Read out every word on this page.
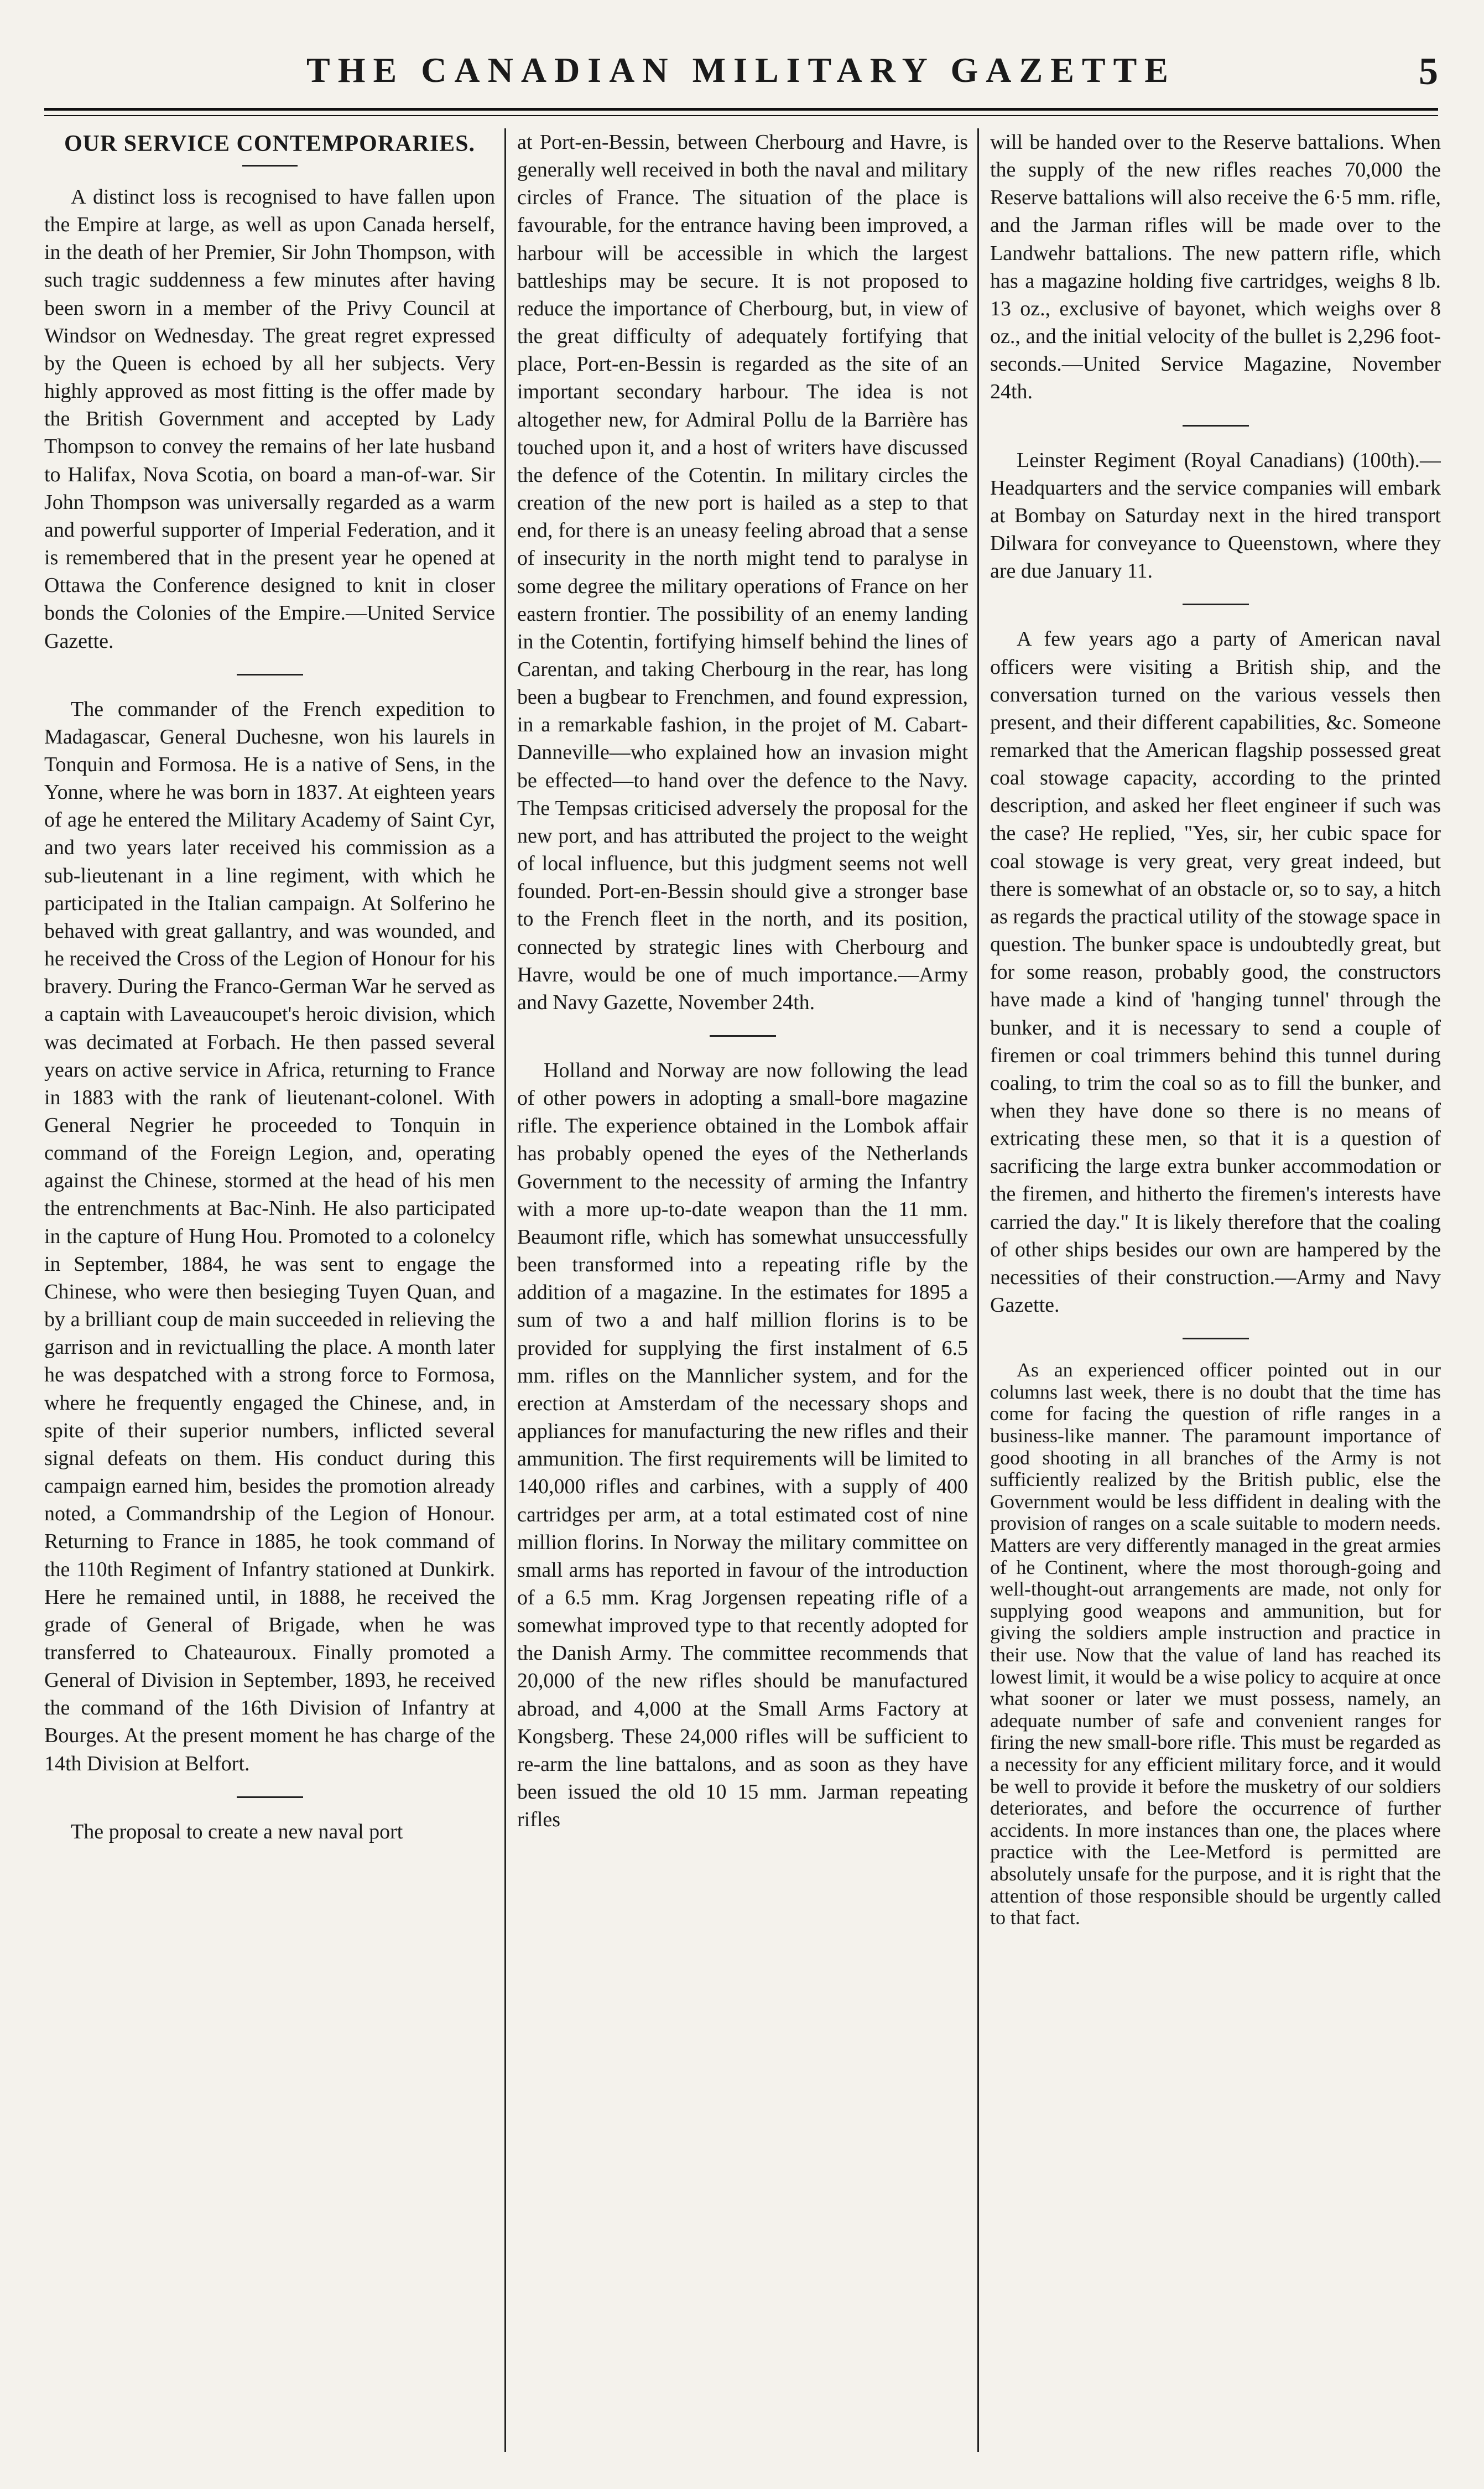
THE CANADIAN MILITARY GAZETTE	5
OUR SERVICE CONTEMPORARIES.

A distinct loss is recognised to have fallen upon the Empire at large, as well as upon Canada herself, in the death of her Premier, Sir John Thompson, with such tragic suddenness a few minutes after having been sworn in a member of the Privy Council at Windsor on Wednesday. The great regret expressed by the Queen is echoed by all her subjects. Very highly approved as most fitting is the offer made by the British Government and accepted by Lady Thompson to convey the remains of her late husband to Halifax, Nova Scotia, on board a man-of-war. Sir John Thompson was universally regarded as a warm and powerful supporter of Imperial Federation, and it is remembered that in the present year he opened at Ottawa the Conference designed to knit in closer bonds the Colonies of the Empire.—United Service Gazette.

The commander of the French expedition to Madagascar, General Duchesne, won his laurels in Tonquin and Formosa. He is a native of Sens, in the Yonne, where he was born in 1837. At eighteen years of age he entered the Military Academy of Saint Cyr, and two years later received his commission as a sub-lieutenant in a line regiment, with which he participated in the Italian campaign. At Solferino he behaved with great gallantry, and was wounded, and he received the Cross of the Legion of Honour for his bravery. During the Franco-German War he served as a captain with Laveaucoupet's heroic division, which was decimated at Forbach. He then passed several years on active service in Africa, returning to France in 1883 with the rank of lieutenant-colonel. With General Negrier he proceeded to Tonquin in command of the Foreign Legion, and, operating against the Chinese, stormed at the head of his men the entrenchments at Bac-Ninh. He also participated in the capture of Hung Hou. Promoted to a colonelcy in September, 1884, he was sent to engage the Chinese, who were then besieging Tuyen Quan, and by a brilliant coup de main succeeded in relieving the garrison and in revictualling the place. A month later he was despatched with a strong force to Formosa, where he frequently engaged the Chinese, and, in spite of their superior numbers, inflicted several signal defeats on them. His conduct during this campaign earned him, besides the promotion already noted, a Commandrship of the Legion of Honour. Returning to France in 1885, he took command of the 110th Regiment of Infantry stationed at Dunkirk. Here he remained until, in 1888, he received the grade of General of Brigade, when he was transferred to Chateauroux. Finally promoted a General of Division in September, 1893, he received the command of the 16th Division of Infantry at Bourges. At the present moment he has charge of the 14th Division at Belfort.

The proposal to create a new naval port

at Port-en-Bessin, between Cherbourg and Havre, is generally well received in both the naval and military circles of France. The situation of the place is favourable, for the entrance having been improved, a harbour will be accessible in which the largest battleships may be secure. It is not proposed to reduce the importance of Cherbourg, but, in view of the great difficulty of adequately fortifying that place, Port-en-Bessin is regarded as the site of an important secondary harbour. The idea is not altogether new, for Admiral Pollu de la Barrière has touched upon it, and a host of writers have discussed the defence of the Cotentin. In military circles the creation of the new port is hailed as a step to that end, for there is an uneasy feeling abroad that a sense of insecurity in the north might tend to paralyse in some degree the military operations of France on her eastern frontier. The possibility of an enemy landing in the Cotentin, fortifying himself behind the lines of Carentan, and taking Cherbourg in the rear, has long been a bugbear to Frenchmen, and found expression, in a remarkable fashion, in the projet of M. Cabart-Danneville—who explained how an invasion might be effected—to hand over the defence to the Navy. The Tempsas criticised adversely the proposal for the new port, and has attributed the project to the weight of local influence, but this judgment seems not well founded. Port-en-Bessin should give a stronger base to the French fleet in the north, and its position, connected by strategic lines with Cherbourg and Havre, would be one of much importance.—Army and Navy Gazette, November 24th.

Holland and Norway are now following the lead of other powers in adopting a small-bore magazine rifle. The experience obtained in the Lombok affair has probably opened the eyes of the Netherlands Government to the necessity of arming the Infantry with a more up-to-date weapon than the 11 mm. Beaumont rifle, which has somewhat unsuccessfully been transformed into a repeating rifle by the addition of a magazine. In the estimates for 1895 a sum of two a and half million florins is to be provided for supplying the first instalment of 6.5 mm. rifles on the Mannlicher system, and for the erection at Amsterdam of the necessary shops and appliances for manufacturing the new rifles and their ammunition. The first requirements will be limited to 140,000 rifles and carbines, with a supply of 400 cartridges per arm, at a total estimated cost of nine million florins. In Norway the military committee on small arms has reported in favour of the introduction of a 6.5 mm. Krag Jorgensen repeating rifle of a somewhat improved type to that recently adopted for the Danish Army. The committee recommends that 20,000 of the new rifles should be manufactured abroad, and 4,000 at the Small Arms Factory at Kongsberg. These 24,000 rifles will be sufficient to re-arm the line battalons, and as soon as they have been issued the old 10 15 mm. Jarman repeating rifles

will be handed over to the Reserve battalions. When the supply of the new rifles reaches 70,000 the Reserve battalions will also receive the 6·5 mm. rifle, and the Jarman rifles will be made over to the Landwehr battalions. The new pattern rifle, which has a magazine holding five cartridges, weighs 8 lb. 13 oz., exclusive of bayonet, which weighs over 8 oz., and the initial velocity of the bullet is 2,296 foot-seconds.—United Service Magazine, November 24th.

Leinster Regiment (Royal Canadians) (100th).—Headquarters and the service companies will embark at Bombay on Saturday next in the hired transport Dilwara for conveyance to Queenstown, where they are due January 11.

A few years ago a party of American naval officers were visiting a British ship, and the conversation turned on the various vessels then present, and their different capabilities, &c. Someone remarked that the American flagship possessed great coal stowage capacity, according to the printed description, and asked her fleet engineer if such was the case? He replied, "Yes, sir, her cubic space for coal stowage is very great, very great indeed, but there is somewhat of an obstacle or, so to say, a hitch as regards the practical utility of the stowage space in question. The bunker space is undoubtedly great, but for some reason, probably good, the constructors have made a kind of 'hanging tunnel' through the bunker, and it is necessary to send a couple of firemen or coal trimmers behind this tunnel during coaling, to trim the coal so as to fill the bunker, and when they have done so there is no means of extricating these men, so that it is a question of sacrificing the large extra bunker accommodation or the firemen, and hitherto the firemen's interests have carried the day." It is likely therefore that the coaling of other ships besides our own are hampered by the necessities of their construction.—Army and Navy Gazette.

As an experienced officer pointed out in our columns last week, there is no doubt that the time has come for facing the question of rifle ranges in a business-like manner. The paramount importance of good shooting in all branches of the Army is not sufficiently realized by the British public, else the Government would be less diffident in dealing with the provision of ranges on a scale suitable to modern needs. Matters are very differently managed in the great armies of he Continent, where the most thorough-going and well-thought-out arrangements are made, not only for supplying good weapons and ammunition, but for giving the soldiers ample instruction and practice in their use. Now that the value of land has reached its lowest limit, it would be a wise policy to acquire at once what sooner or later we must possess, namely, an adequate number of safe and convenient ranges for firing the new small-bore rifle. This must be regarded as a necessity for any efficient military force, and it would be well to provide it before the musketry of our soldiers deteriorates, and before the occurrence of further accidents. In more instances than one, the places where practice with the Lee-Metford is permitted are absolutely unsafe for the purpose, and it is right that the attention of those responsible should be urgently called to that fact.
